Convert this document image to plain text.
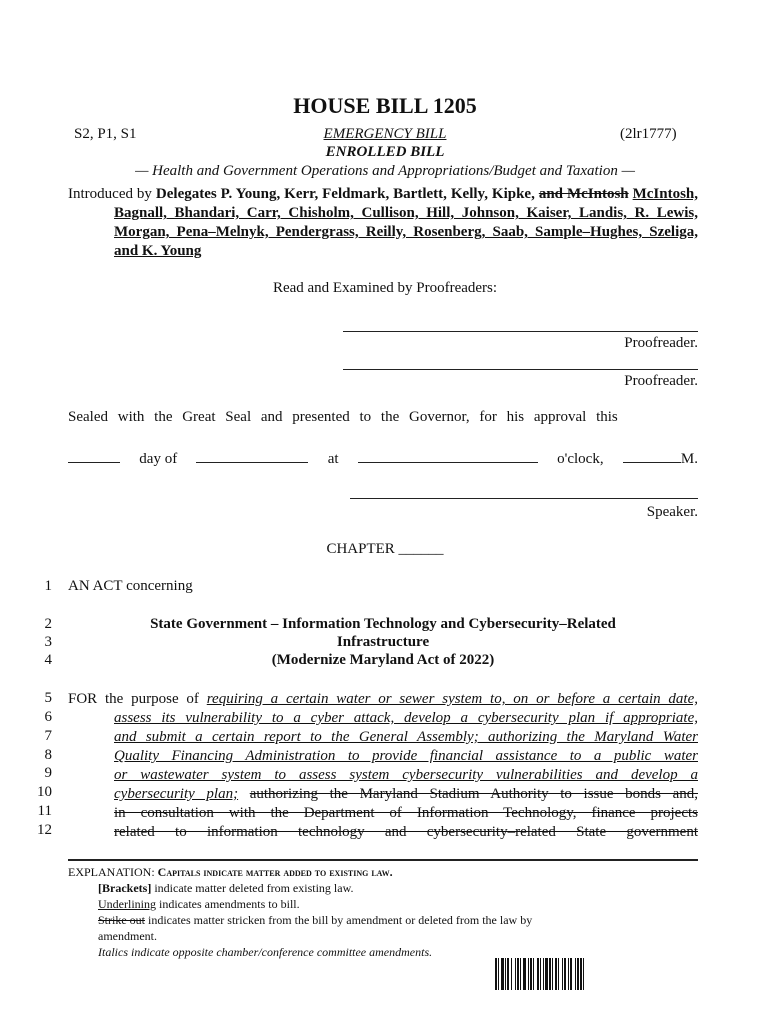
HOUSE BILL 1205
S2, P1, S1	EMERGENCY BILL	(2lr1777)
ENROLLED BILL
— Health and Government Operations and Appropriations/Budget and Taxation —
Introduced by Delegates P. Young, Kerr, Feldmark, Bartlett, Kelly, Kipke, and McIntosh McIntosh, Bagnall, Bhandari, Carr, Chisholm, Cullison, Hill, Johnson, Kaiser, Landis, R. Lewis, Morgan, Pena–Melnyk, Pendergrass, Reilly, Rosenberg, Saab, Sample–Hughes, Szeliga, and K. Young
Read and Examined by Proofreaders:
Proofreader.
Proofreader.
Sealed with the Great Seal and presented to the Governor, for his approval this
day of	at	o'clock,	M.
Speaker.
CHAPTER ______
1 AN ACT concerning
2	State Government – Information Technology and Cybersecurity–Related
3	Infrastructure
4	(Modernize Maryland Act of 2022)
5
6
7
8
9
10
11
12
FOR the purpose of requiring a certain water or sewer system to, on or before a certain date,
assess its vulnerability to a cyber attack, develop a cybersecurity plan if appropriate,
and submit a certain report to the General Assembly; authorizing the Maryland Water
Quality Financing Administration to provide financial assistance to a public water
or wastewater system to assess system cybersecurity vulnerabilities and develop a
cybersecurity plan; authorizing the Maryland Stadium Authority to issue bonds and,
in consultation with the Department of Information Technology, finance projects
related to information technology and cybersecurity–related State government
EXPLANATION: Capitals indicate matter added to existing law.
[Brackets] indicate matter deleted from existing law.
Underlining indicates amendments to bill.
Strike out indicates matter stricken from the bill by amendment or deleted from the law by
amendment.
Italics indicate opposite chamber/conference committee amendments.
